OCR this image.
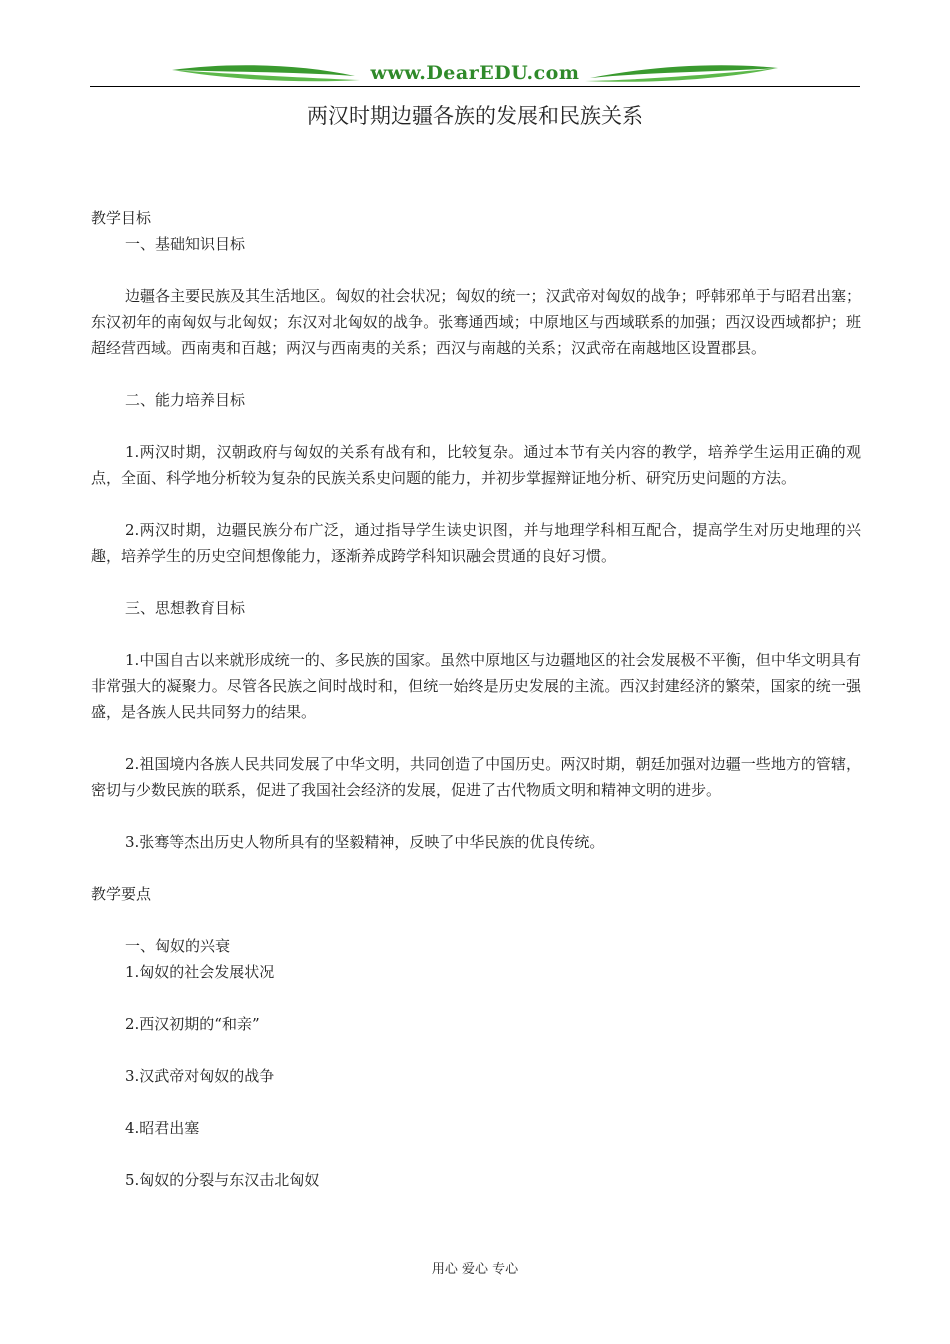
www.DearEDU.com
两汉时期边疆各族的发展和民族关系

教学目标

一、基础知识目标

边疆各主要民族及其生活地区。匈奴的社会状况；匈奴的统一；汉武帝对匈奴的战争；呼韩邪单于与昭君出塞；东汉初年的南匈奴与北匈奴；东汉对北匈奴的战争。张骞通西域；中原地区与西域联系的加强；西汉设西域都护；班超经营西域。西南夷和百越；两汉与西南夷的关系；西汉与南越的关系；汉武帝在南越地区设置郡县。

二、能力培养目标

1.两汉时期，汉朝政府与匈奴的关系有战有和，比较复杂。通过本节有关内容的教学，培养学生运用正确的观点，全面、科学地分析较为复杂的民族关系史问题的能力，并初步掌握辩证地分析、研究历史问题的方法。

2.两汉时期，边疆民族分布广泛，通过指导学生读史识图，并与地理学科相互配合，提高学生对历史地理的兴趣，培养学生的历史空间想像能力，逐渐养成跨学科知识融会贯通的良好习惯。

三、思想教育目标

1.中国自古以来就形成统一的、多民族的国家。虽然中原地区与边疆地区的社会发展极不平衡，但中华文明具有非常强大的凝聚力。尽管各民族之间时战时和，但统一始终是历史发展的主流。西汉封建经济的繁荣，国家的统一强盛，是各族人民共同努力的结果。

2.祖国境内各族人民共同发展了中华文明，共同创造了中国历史。两汉时期，朝廷加强对边疆一些地方的管辖，密切与少数民族的联系，促进了我国社会经济的发展，促进了古代物质文明和精神文明的进步。

3.张骞等杰出历史人物所具有的坚毅精神，反映了中华民族的优良传统。

教学要点

一、匈奴的兴衰

1.匈奴的社会发展状况

2.西汉初期的“和亲”

3.汉武帝对匈奴的战争

4.昭君出塞

5.匈奴的分裂与东汉击北匈奴

用心 爱心 专心
